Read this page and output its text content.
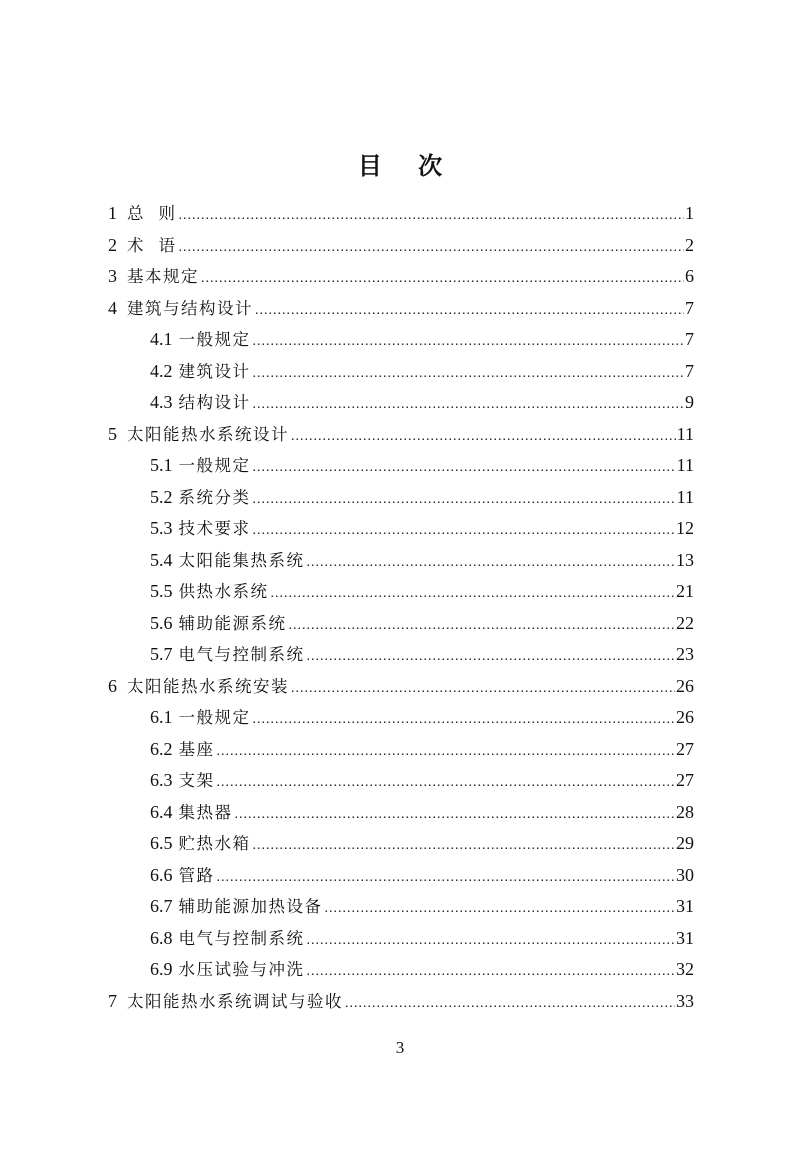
目 次
1 总  则 .....	1
2 术  语 .....	2
3 基本规定 .....	6
4 建筑与结构设计 .....	7
4.1 一般规定 .....	7
4.2 建筑设计 .....	7
4.3 结构设计 .....	9
5 太阳能热水系统设计 .....	11
5.1 一般规定 .....	11
5.2 系统分类 .....	11
5.3 技术要求 .....	12
5.4 太阳能集热系统 .....	13
5.5 供热水系统 .....	21
5.6 辅助能源系统 .....	22
5.7 电气与控制系统 .....	23
6 太阳能热水系统安装 .....	26
6.1 一般规定 .....	26
6.2 基座 .....	27
6.3 支架 .....	27
6.4 集热器 .....	28
6.5 贮热水箱 .....	29
6.6 管路 .....	30
6.7 辅助能源加热设备 .....	31
6.8 电气与控制系统 .....	31
6.9 水压试验与冲洗 .....	32
7 太阳能热水系统调试与验收 .....	33
3
